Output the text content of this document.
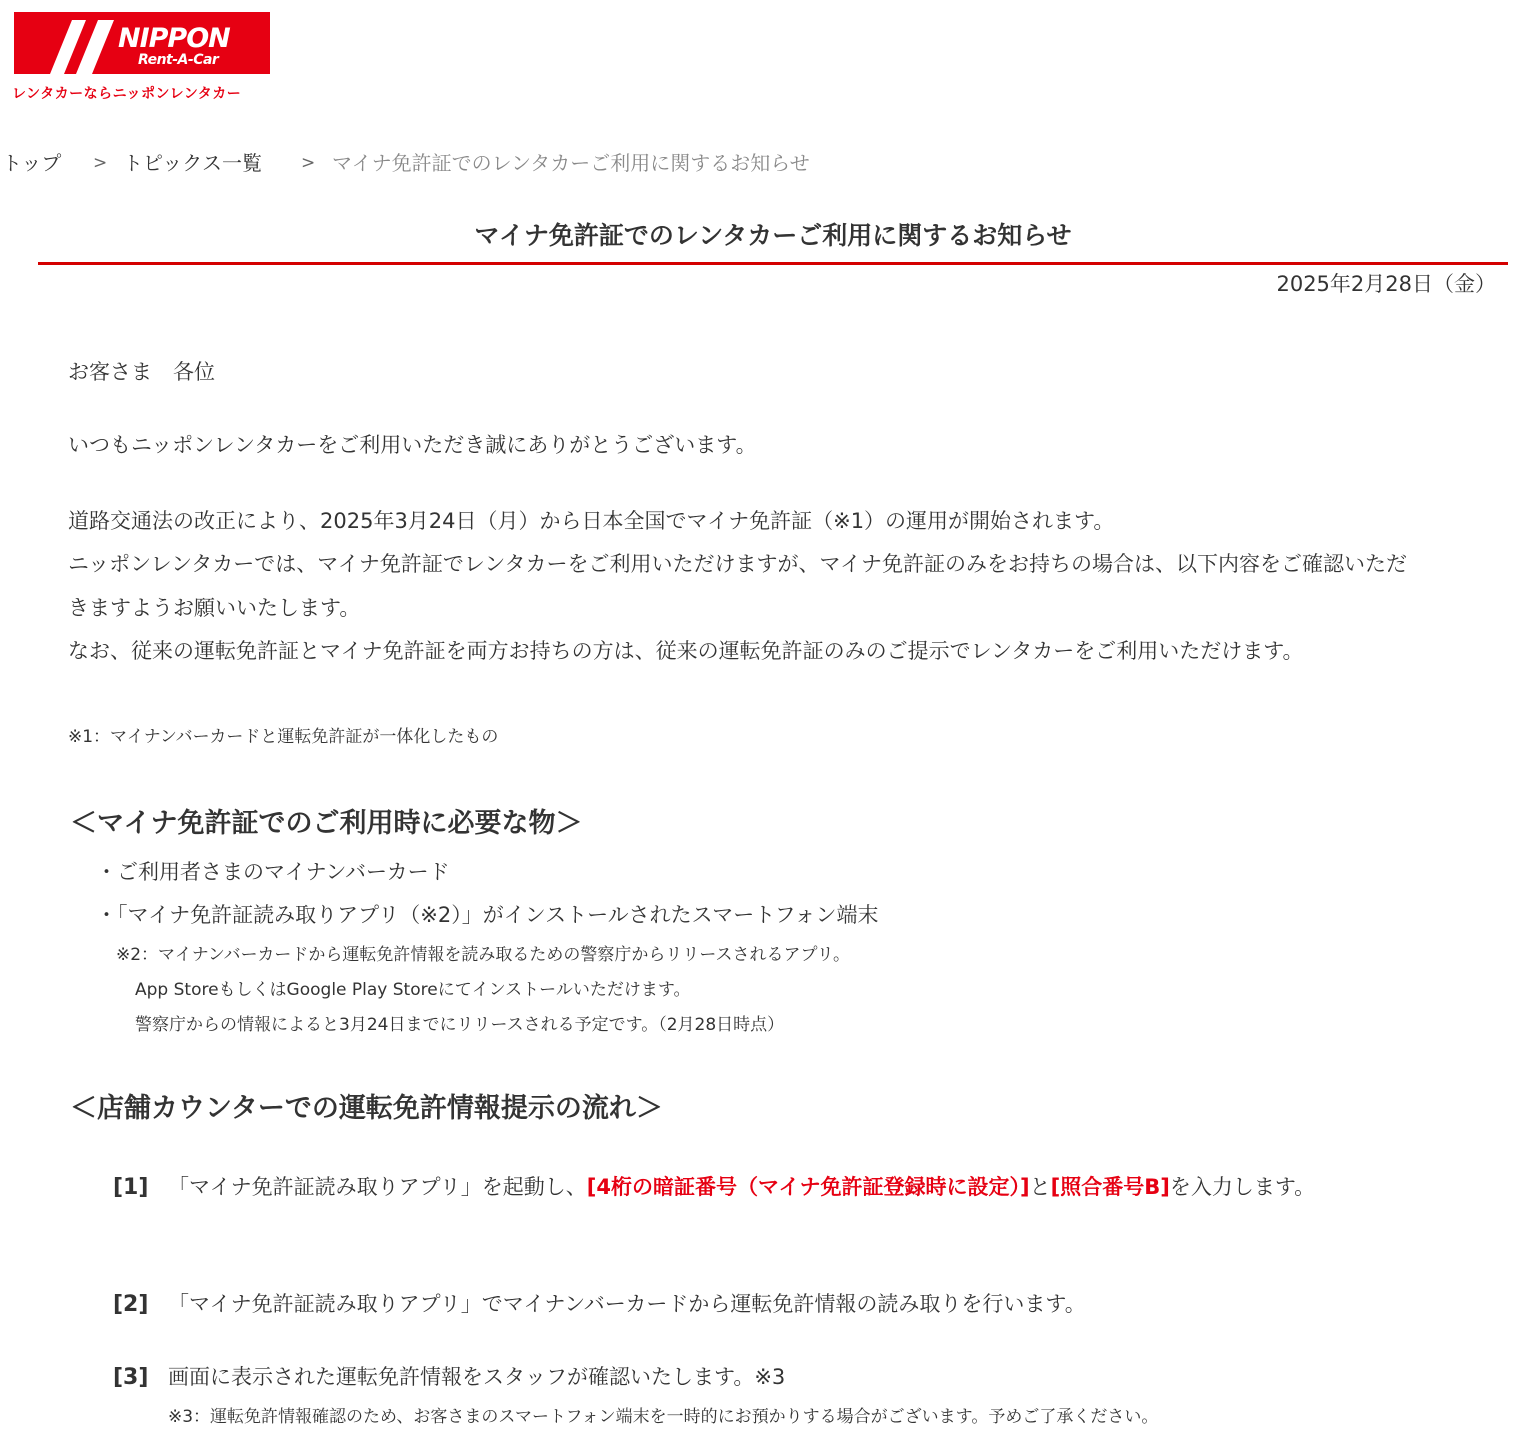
NIPPON
Rent-A-Car
レンタカーならニッポンレンタカー
トップ > トピックス一覧 > マイナ免許証でのレンタカーご利用に関するお知らせ
マイナ免許証でのレンタカーご利用に関するお知らせ
2025年2月28日（金）
お客さま　各位
いつもニッポンレンタカーをご利用いただき誠にありがとうございます。

道路交通法の改正により、2025年3月24日（月）から日本全国でマイナ免許証（※1）の運用が開始されます。

ニッポンレンタカーでは、マイナ免許証でレンタカーをご利用いただけますが、マイナ免許証のみをお持ちの場合は、以下内容をご確認いただきますようお願いいたします。

なお、従来の運転免許証とマイナ免許証を両方お持ちの方は、従来の運転免許証のみのご提示でレンタカーをご利用いただけます。

※1：マイナンバーカードと運転免許証が一体化したもの
＜マイナ免許証でのご利用時に必要な物＞
・ご利用者さまのマイナンバーカード
・「マイナ免許証読み取りアプリ（※2）」がインストールされたスマートフォン端末
※2：マイナンバーカードから運転免許情報を読み取るための警察庁からリリースされるアプリ。
App StoreもしくはGoogle Play Storeにてインストールいただけます。
警察庁からの情報によると3月24日までにリリースされる予定です。（2月28日時点）
＜店舗カウンターでの運転免許情報提示の流れ＞
[1] 「マイナ免許証読み取りアプリ」を起動し、[4桁の暗証番号（マイナ免許証登録時に設定）]と[照合番号B]を入力します。
[2] 「マイナ免許証読み取りアプリ」でマイナンバーカードから運転免許情報の読み取りを行います。
[3] 画面に表示された運転免許情報をスタッフが確認いたします。※3
※3：運転免許情報確認のため、お客さまのスマートフォン端末を一時的にお預かりする場合がございます。予めご了承ください。
